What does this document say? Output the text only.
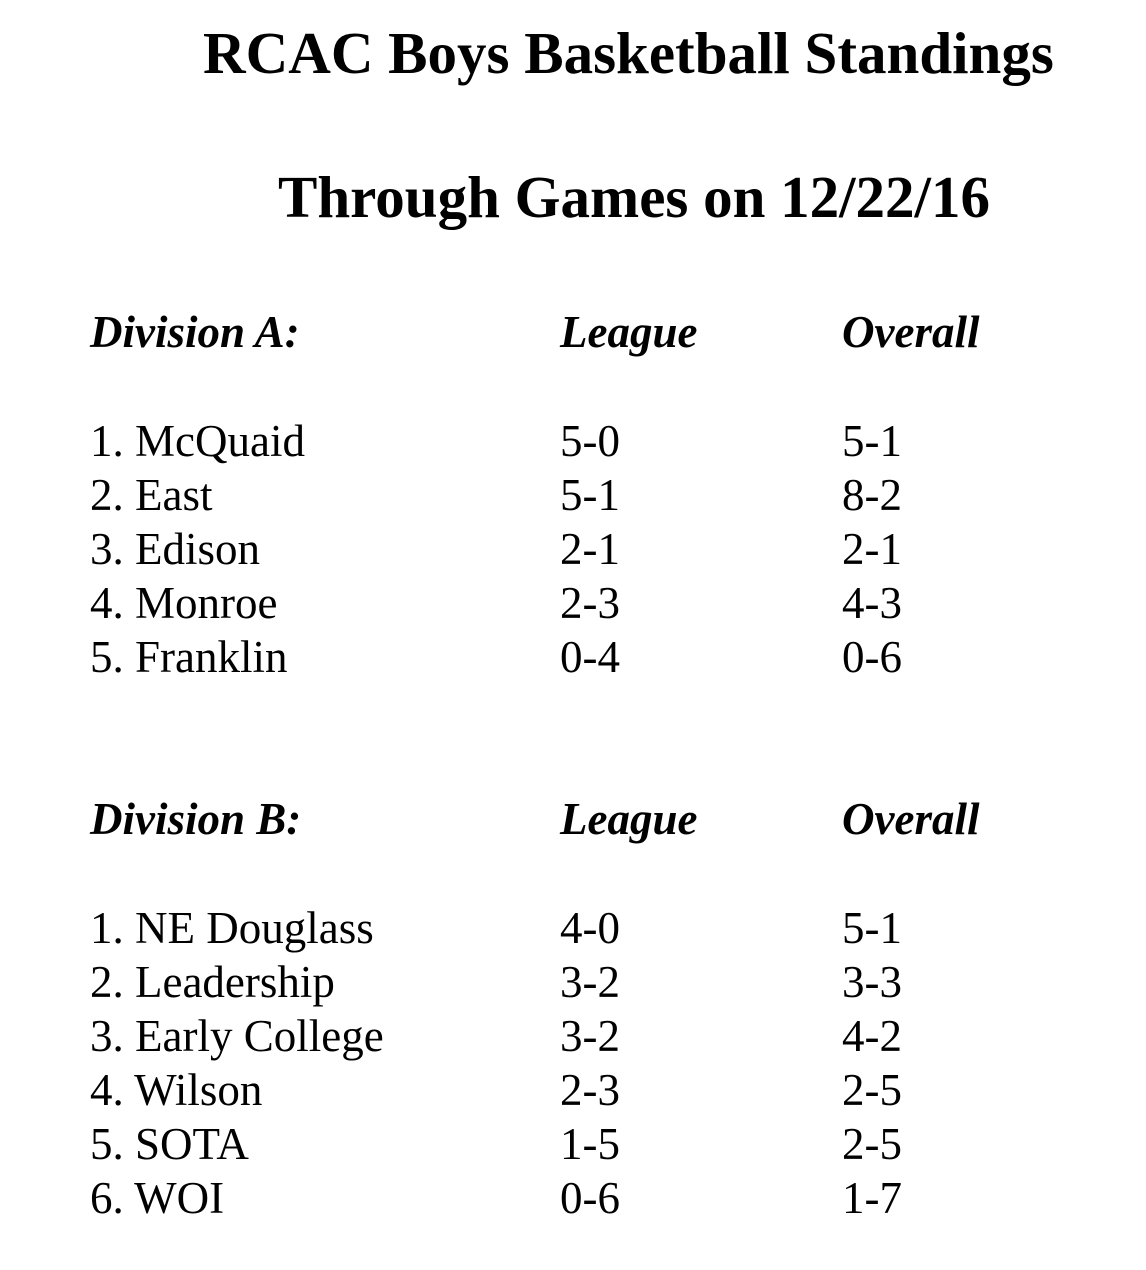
RCAC Boys Basketball Standings
Through Games on 12/22/16
Division A:	League	Overall
1. McQuaid	5-0	5-1
2. East	5-1	8-2
3. Edison	2-1	2-1
4. Monroe	2-3	4-3
5. Franklin	0-4	0-6
Division B:	League	Overall
1. NE Douglass	4-0	5-1
2. Leadership	3-2	3-3
3. Early College	3-2	4-2
4. Wilson	2-3	2-5
5. SOTA	1-5	2-5
6. WOI	0-6	1-7
